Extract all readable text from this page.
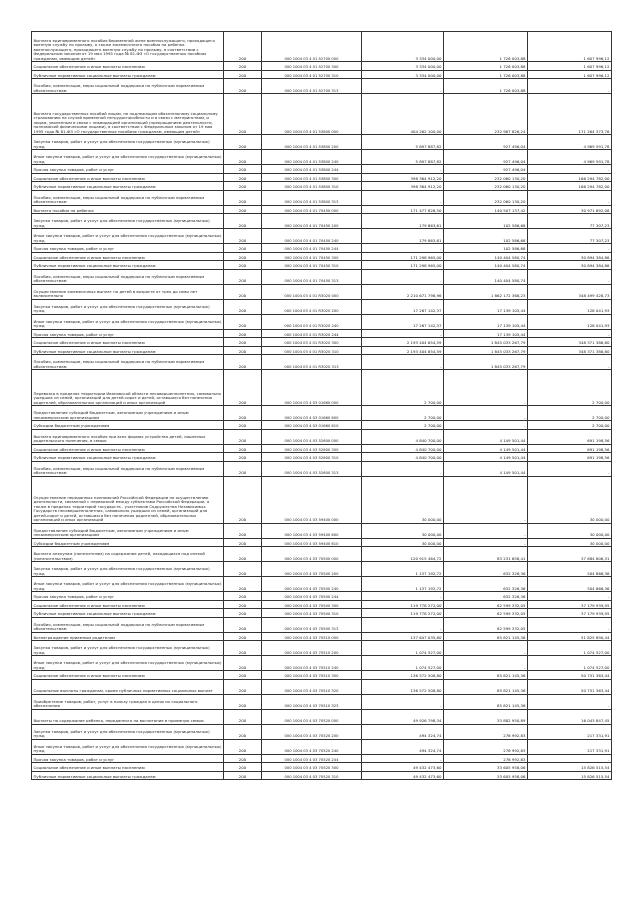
Выплата единовременного пособия беременной жене военнослужащего, проходящего военную службу по призыву, а также ежемесячного пособия на ребенка военнослужащего, проходящего военную службу по призыву, в соответствии с Федеральным законом от 19 мая 1995 года № 81-ФЗ «О государственных пособиях гражданам, имеющим детей»	200	000 1004 03 4 01 52700 000	3 334 000,00	1 726 003,88	1 607 996,12
Социальное обеспечение и иные выплаты населению	200	000 1004 03 4 01 52700 300	3 334 000,00	1 726 003,88	1 607 996,12
Публичные нормативные социальные выплаты гражданам	200	000 1004 03 4 01 52700 310	3 334 000,00	1 726 003,88	1 607 996,12
Пособия, компенсации, меры социальной поддержки по публичным нормативным обязательствам	200	000 1004 03 4 01 52700 313	-	1 726 003,88	-
Выплата государственных пособий лицам, не подлежащим обязательному социальному страхованию на случай временной нетрудоспособности и в связи с материнством, и лицам, уволенным в связи с ликвидацией организаций (прекращением деятельности, полномочий физическими лицами), в соответствии с Федеральным законом от 19 мая 1995 года № 81-ФЗ «О государственных пособиях гражданам, имеющим детей»	200	000 1004 03 4 01 53800 000	404 262 100,00	232 987 826,24	171 264 373,76
Закупка товаров, работ и услуг для обеспечения государственных (муниципальных) нужд	200	000 1004 03 4 01 53800 200	5 897 887,82	927 496,04	4 969 591,78
Иные закупки товаров, работ и услуг для обеспечения государственных (муниципальных) нужд	200	000 1004 03 4 01 53800 240	5 897 887,82	927 496,04	4 969 591,78
Прочая закупка товаров, работ и услуг	200	000 1004 03 4 01 53800 244	-	927 496,04	-
Социальное обеспечение и иные выплаты населению	200	000 1004 03 4 01 53800 300	398 364 912,20	232 060 130,20	166 294 782,00
Публичные нормативные социальные выплаты гражданам	200	000 1004 03 4 01 53800 310	398 364 912,20	232 060 130,20	166 294 782,00
Пособия, компенсации, меры социальной поддержки по публичным нормативным обязательствам	200	000 1004 03 4 01 53800 313	-	232 060 130,20	-
Выплата пособия на ребенка	200	000 1004 03 4 01 70450 000	171 477 828,50	140 507 137,42	30 971 692,08
Закупка товаров, работ и услуг для обеспечения государственных (муниципальных) нужд	200	000 1004 03 4 01 70450 200	179 863,61	102 586,68	77 307,23
Иные закупки товаров, работ и услуг для обеспечения государственных (муниципальных) нужд	200	000 1004 03 4 01 70450 240	179 863,61	102 586,68	77 307,23
Прочая закупка товаров, работ и услуг	200	000 1004 03 4 01 70450 244	-	102 586,68	-
Социальное обеспечение и иные выплаты населению	200	000 1004 03 4 01 70450 300	171 298 965,00	140 404 580,74	30 894 384,86
Публичные нормативные социальные выплаты гражданам	200	000 1004 03 4 01 70450 310	171 298 965,00	140 404 580,74	30 894 384,86
Пособия, компенсации, меры социальной поддержки по публичным нормативным обязательствам	200	000 1004 03 4 01 70450 313	-	140 404 580,74	-
Осуществление ежемесячных выплат на детей в возрасте от трех до семи лет включительно	200	000 1004 03 4 01 R3020 000	2 210 671 798,96	1 862 172 368,23	348 499 428,73
Закупка товаров, работ и услуг для обеспечения государственных (муниципальных) нужд	200	000 1004 03 4 01 R3020 200	17 267 142,37	17 139 105,44	128 041,93
Иные закупки товаров, работ и услуг для обеспечения государственных (муниципальных) нужд	200	000 1004 03 4 01 R3020 240	17 267 142,37	17 139 105,44	128 041,93
Прочая закупка товаров, работ и услуг	200	000 1004 03 4 01 R3020 244	-	17 139 105,44	-
Социальное обеспечение и иные выплаты населению	200	000 1004 03 4 01 R3020 300	2 193 404 654,59	1 845 033 267,79	348 371 386,80
Публичные нормативные социальные выплаты гражданам	200	000 1004 03 4 01 R3020 310	2 193 404 654,59	1 845 033 267,79	348 371 386,80
Пособия, компенсации, меры социальной поддержки по публичным нормативным обязательствам	200	000 1004 03 4 01 R3020 313	-	1 845 033 267,79	-
Перевозка в пределах территории Ивановской области несовершеннолетних, самовольно ушедших из семей, организаций для детей-сирот и детей, оставшихся без попечения родителей, образовательных организаций и иных организаций	200	000 1004 03 4 03 01660 000	2 700,00	-	2 700,00
Предоставление субсидий бюджетным, автономным учреждениям и иным некоммерческим организациям	200	000 1004 03 4 03 01660 600	2 700,00	-	2 700,00
Субсидии бюджетным учреждениям	200	000 1004 03 4 03 01660 610	2 700,00	-	2 700,00
Выплата единовременного пособия при всех формах устройства детей, лишенных родительского попечения, в семью	200	000 1004 03 4 03 52600 000	4 840 700,00	4 149 501,44	691 198,56
Социальное обеспечение и иные выплаты населению	200	000 1004 03 4 03 52600 300	4 840 700,00	4 149 501,44	691 198,56
Публичные нормативные социальные выплаты гражданам	200	000 1004 03 4 03 52600 310	4 840 700,00	4 149 501,44	691 198,56
Пособия, компенсации, меры социальной поддержки по публичным нормативным обязательствам	200	000 1004 03 4 03 52600 313	-	4 149 501,44	-
Осуществление переданных полномочий Российской Федерации по осуществлению деятельности, связанной с перевозкой между субъектами Российской Федерации, а также в пределах территорий государств - участников Содружества Независимых Государств несовершеннолетних, самовольно ушедших из семей, организаций для детей-сирот и детей, оставшихся без попечения родителей, образовательных организаций и иных организаций	200	000 1004 03 4 03 59400 000	30 000,00	-	30 000,00
Предоставление субсидий бюджетным, автономным учреждениям и иным некоммерческим организациям	200	000 1004 03 4 03 59400 600	30 000,00	-	30 000,00
Субсидии бюджетным учреждениям	200	000 1004 03 4 03 59400 610	30 000,00	-	30 000,00
Выплата опекунам (попечителям) на содержание детей, находящихся под опекой (попечительством)	200	000 1004 03 4 03 70500 000	120 915 464,72	83 231 658,41	37 684 806,31
Закупка товаров, работ и услуг для обеспечения государственных (муниципальных) нужд	200	000 1004 03 4 03 70500 200	1 137 192,72	632 326,36	504 866,36
Иные закупки товаров, работ и услуг для обеспечения государственных (муниципальных) нужд	200	000 1004 03 4 03 70500 240	1 137 192,72	632 326,36	504 866,36
Прочая закупка товаров, работ и услуг	200	000 1004 03 4 03 70500 244	-	632 326,36	-
Социальное обеспечение и иные выплаты населению	200	000 1004 03 4 03 70500 300	119 778 272,00	82 599 332,05	37 179 939,95
Публичные нормативные социальные выплаты гражданам	200	000 1004 03 4 03 70500 310	119 778 272,00	82 599 332,05	37 179 939,95
Пособия, компенсации, меры социальной поддержки по публичным нормативным обязательствам	200	000 1004 03 4 03 70500 313	-	82 599 332,05	-
Вознаграждение приемным родителям	200	000 1004 03 4 03 70510 000	137 647 035,80	85 821 145,36	51 825 890,44
Закупка товаров, работ и услуг для обеспечения государственных (муниципальных) нужд	200	000 1004 03 4 03 70510 200	1 074 527,00	-	1 074 527,00
Иные закупки товаров, работ и услуг для обеспечения государственных (муниципальных) нужд	200	000 1004 03 4 03 70510 240	1 074 527,00	-	1 074 527,00
Социальное обеспечение и иные выплаты населению	200	000 1004 03 4 03 70510 300	136 572 508,80	85 821 145,36	50 751 363,44
Социальные выплаты гражданам, кроме публичных нормативных социальных выплат	200	000 1004 03 4 03 70510 320	136 572 508,80	85 821 145,36	50 751 363,44
Приобретение товаров, работ, услуг в пользу граждан в целях их социального обеспечения	200	000 1004 03 4 03 70510 323	-	85 821 145,36	-
Выплаты на содержание ребенка, переданного на воспитание в приемную семью	200	000 1004 03 4 03 70520 000	49 926 798,34	33 882 950,89	16 043 847,45
Закупка товаров, работ и услуг для обеспечения государственных (муниципальных) нужд	200	000 1004 03 4 03 70520 200	494 324,74	276 992,83	217 331,91
Иные закупки товаров, работ и услуг для обеспечения государственных (муниципальных) нужд	200	000 1004 03 4 03 70520 240	494 324,74	276 992,83	217 331,91
Прочая закупка товаров, работ и услуг	200	000 1004 03 4 03 70520 244	-	276 992,83	-
Социальное обеспечение и иные выплаты населению	200	000 1004 03 4 03 70520 300	49 432 473,60	33 605 958,06	15 826 515,54
Публичные нормативные социальные выплаты гражданам	200	000 1004 03 4 03 70520 310	49 432 473,60	33 605 958,06	15 826 515,54
